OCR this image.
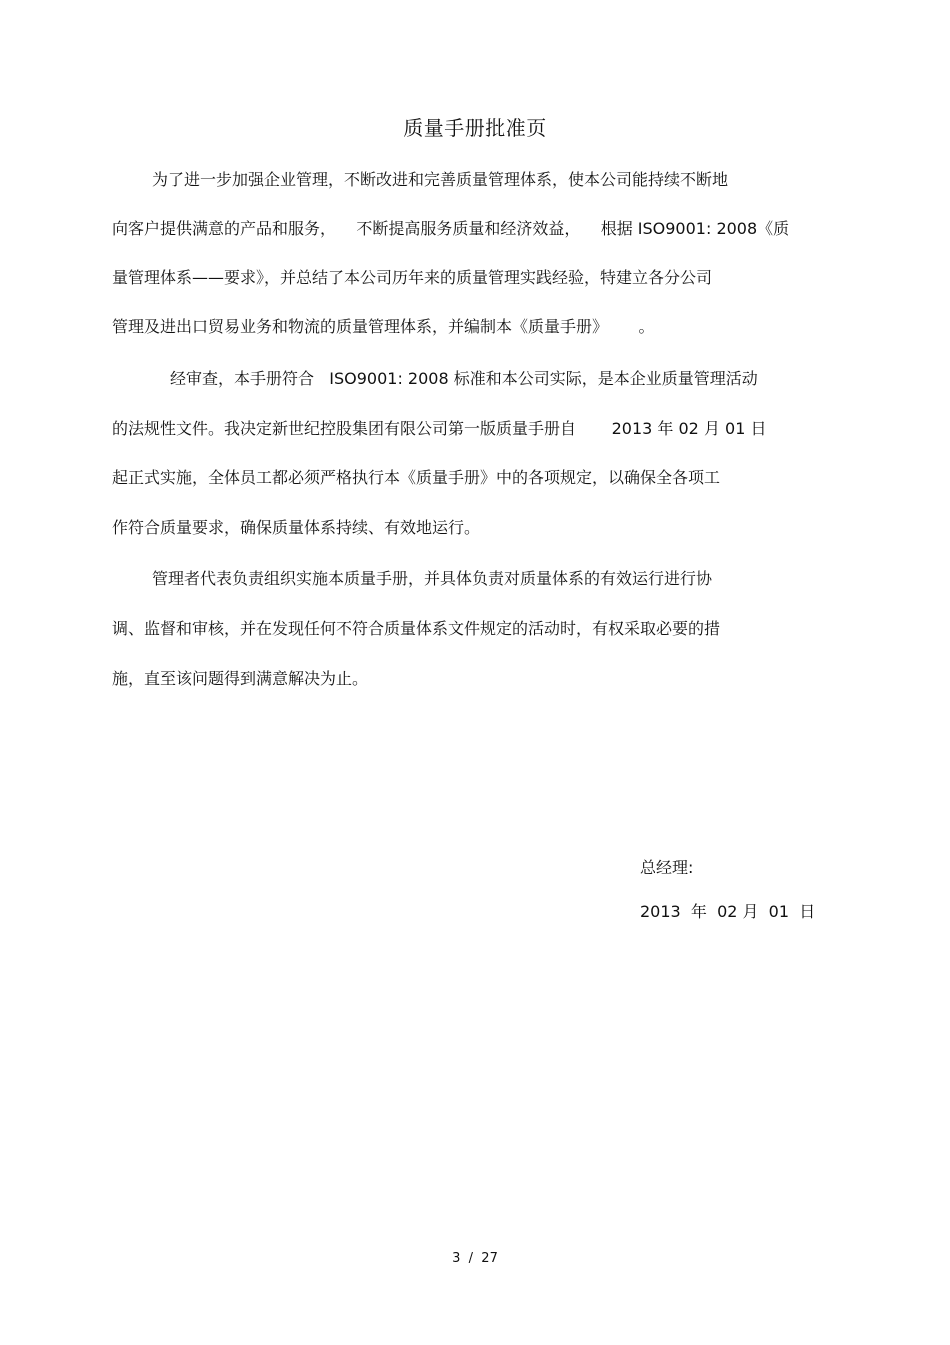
质量手册批准页
为了进一步加强企业管理，不断改进和完善质量管理体系，使本公司能持续不断地
向客户提供满意的产品和服务，    不断提高服务质量和经济效益，    根据 ISO9001: 2008《质
量管理体系——要求》，并总结了本公司历年来的质量管理实践经验，特建立各分公司
管理及进出口贸易业务和物流的质量管理体系，并编制本《质量手册》      。
经审查，本手册符合   ISO9001: 2008 标准和本公司实际，是本企业质量管理活动
的法规性文件。我决定新世纪控股集团有限公司第一版质量手册自       2013 年 02 月 01 日
起正式实施，全体员工都必须严格执行本《质量手册》中的各项规定，以确保全各项工
作符合质量要求，确保质量体系持续、有效地运行。
管理者代表负责组织实施本质量手册，并具体负责对质量体系的有效运行进行协
调、监督和审核，并在发现任何不符合质量体系文件规定的活动时，有权采取必要的措
施，直至该问题得到满意解决为止。
总经理:
2013  年  02 月  01  日
3  /  27
